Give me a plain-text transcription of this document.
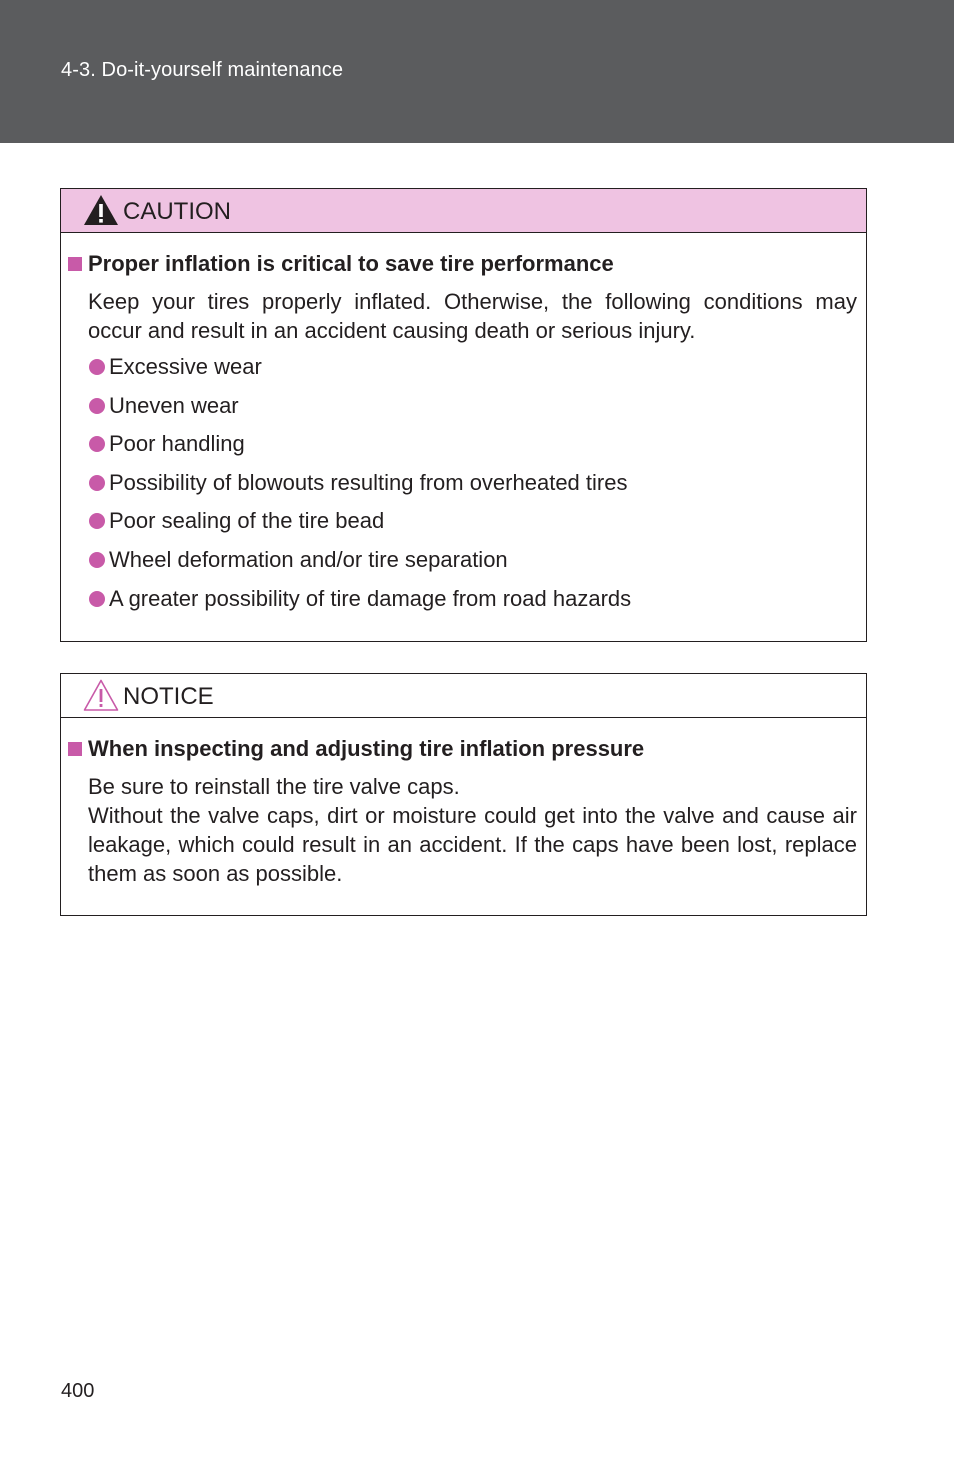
4-3. Do-it-yourself maintenance
CAUTION
Proper inflation is critical to save tire performance

Keep your tires properly inflated. Otherwise, the following conditions may occur and result in an accident causing death or serious injury.

Excessive wear
Uneven wear
Poor handling
Possibility of blowouts resulting from overheated tires
Poor sealing of the tire bead
Wheel deformation and/or tire separation
A greater possibility of tire damage from road hazards
NOTICE
When inspecting and adjusting tire inflation pressure

Be sure to reinstall the tire valve caps.

Without the valve caps, dirt or moisture could get into the valve and cause air leakage, which could result in an accident. If the caps have been lost, replace them as soon as possible.

400
